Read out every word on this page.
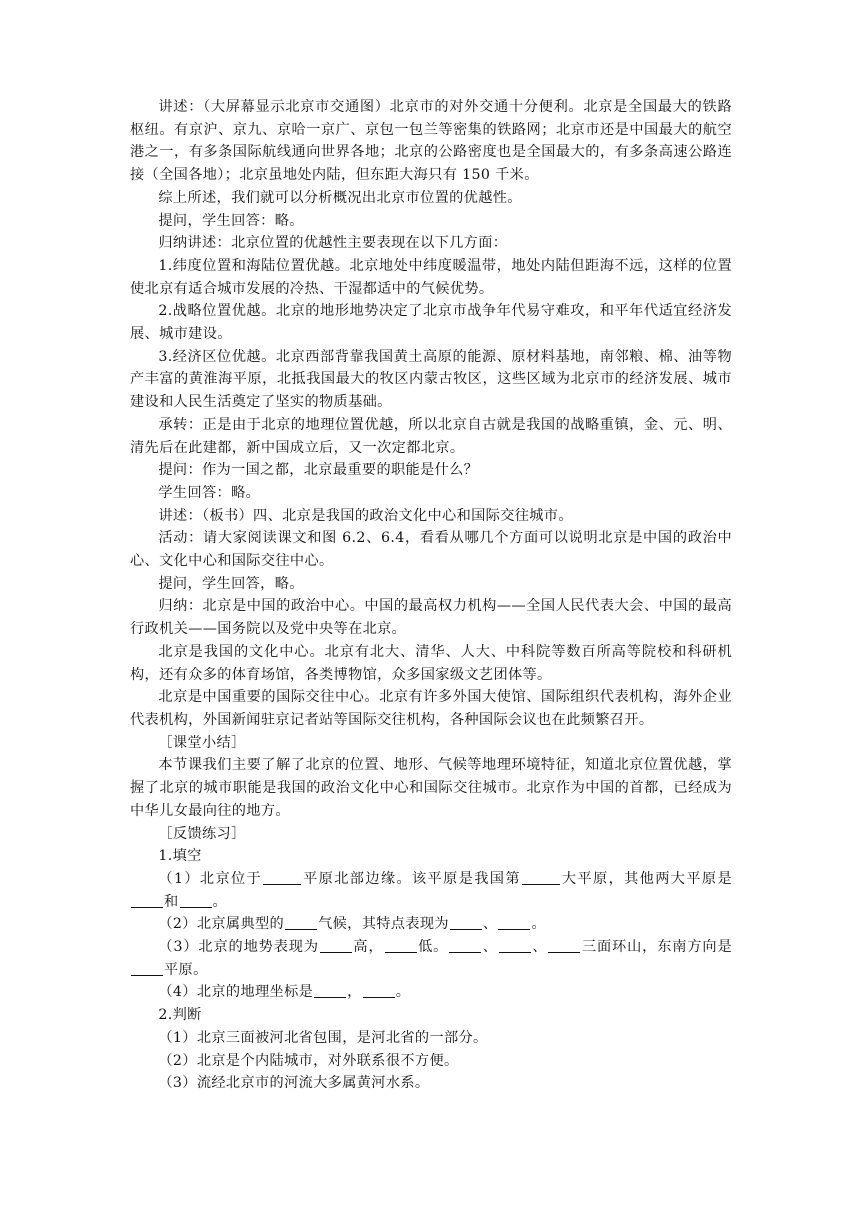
讲述：（大屏幕显示北京市交通图）北京市的对外交通十分便利。北京是全国最大的铁路枢纽。有京沪、京九、京哈一京广、京包一包兰等密集的铁路网；北京市还是中国最大的航空港之一，有多条国际航线通向世界各地；北京的公路密度也是全国最大的，有多条高速公路连接（全国各地）；北京虽地处内陆，但东距大海只有 150 千米。

综上所述，我们就可以分析概况出北京市位置的优越性。

提问，学生回答：略。

归纳讲述：北京位置的优越性主要表现在以下几方面：

1.纬度位置和海陆位置优越。北京地处中纬度暖温带，地处内陆但距海不远，这样的位置使北京有适合城市发展的冷热、干湿都适中的气候优势。

2.战略位置优越。北京的地形地势决定了北京市战争年代易守难攻，和平年代适宜经济发展、城市建设。

3.经济区位优越。北京西部背靠我国黄土高原的能源、原材料基地，南邻粮、棉、油等物产丰富的黄淮海平原，北抵我国最大的牧区内蒙古牧区，这些区域为北京市的经济发展、城市建设和人民生活奠定了坚实的物质基础。

承转：正是由于北京的地理位置优越，所以北京自古就是我国的战略重镇，金、元、明、清先后在此建都，新中国成立后，又一次定都北京。

提问：作为一国之都，北京最重要的职能是什么？

学生回答：略。

讲述：（板书）四、北京是我国的政治文化中心和国际交往城市。

活动：请大家阅读课文和图 6.2、6.4，看看从哪几个方面可以说明北京是中国的政治中心、文化中心和国际交往中心。

提问，学生回答，略。

归纳：北京是中国的政治中心。中国的最高权力机构——全国人民代表大会、中国的最高行政机关——国务院以及党中央等在北京。

北京是我国的文化中心。北京有北大、清华、人大、中科院等数百所高等院校和科研机构，还有众多的体育场馆，各类博物馆，众多国家级文艺团体等。

北京是中国重要的国际交往中心。北京有许多外国大使馆、国际组织代表机构，海外企业代表机构，外国新闻驻京记者站等国际交往机构，各种国际会议也在此频繁召开。

［课堂小结］

本节课我们主要了解了北京的位置、地形、气候等地理环境特征，知道北京位置优越，掌握了北京的城市职能是我国的政治文化中心和国际交往城市。北京作为中国的首都，已经成为中华儿女最向往的地方。

［反馈练习］

1.填空

（1）北京位于	平原北部边缘。该平原是我国第	大平原，其他两大平原是和 。

（2）北京属典型的 气候，其特点表现为 、 。

（3）北京的地势表现为 高， 低。 、 、 三面环山，东南方向是平原。

（4）北京的地理坐标是 ， 。

2.判断

（1）北京三面被河北省包围，是河北省的一部分。

（2）北京是个内陆城市，对外联系很不方便。

（3）流经北京市的河流大多属黄河水系。
